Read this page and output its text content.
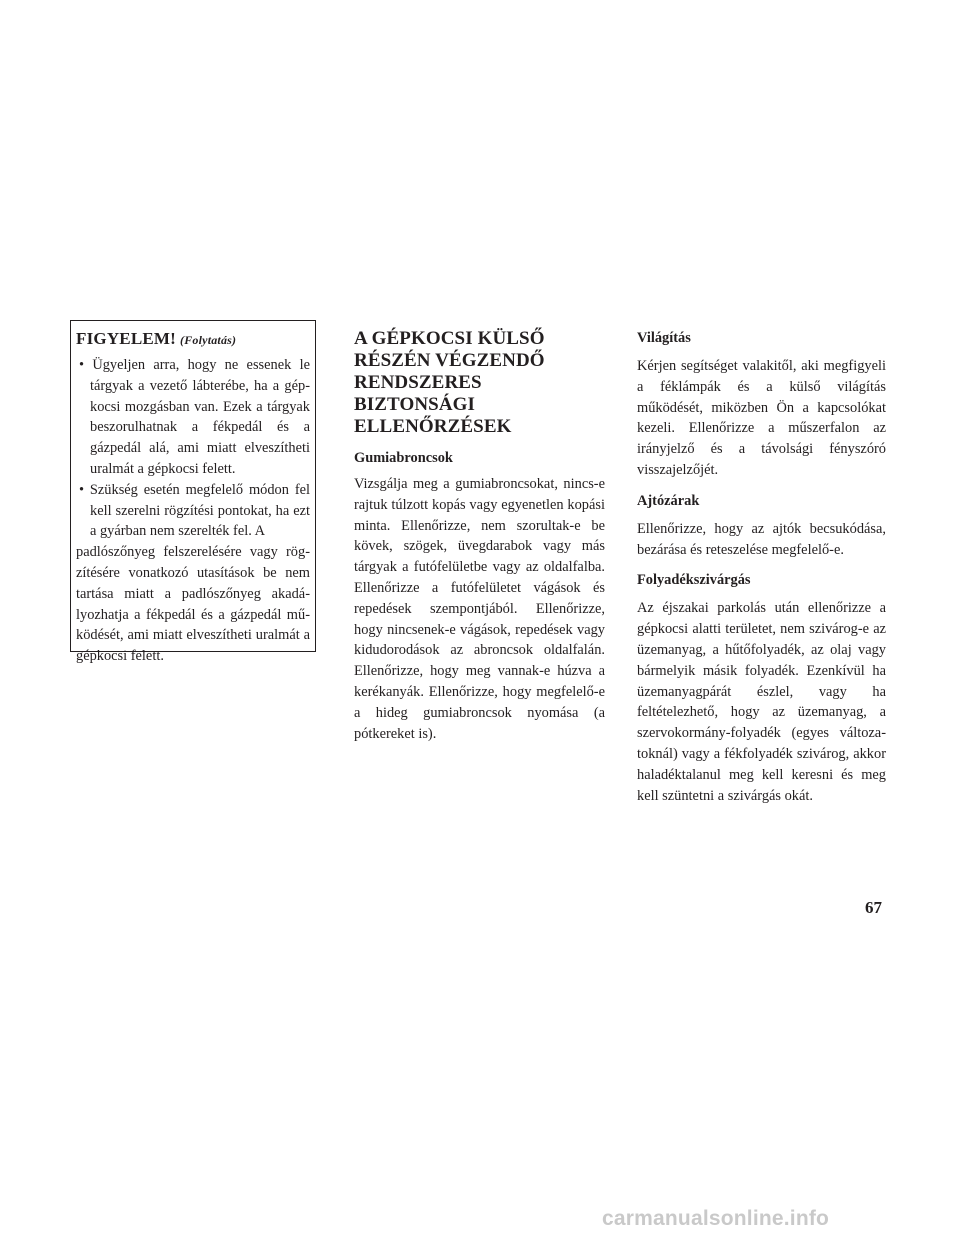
FIGYELEM! (Folytatás)

• Ügyeljen arra, hogy ne essenek le tárgyak a vezető lábterébe, ha a gépkocsi mozgásban van. Ezek a tárgyak beszorulhatnak a fékpedál és a gázpedál alá, ami miatt elveszítheti uralmát a gépkocsi felett.

• Szükség esetén megfelelő módon fel kell szerelni rögzítési pontokat, ha ezt a gyárban nem szerelték fel. A

padlószőnyeg felszerelésére vagy rögzítésére vonatkozó utasítások be nem tartása miatt a padlószőnyeg akadályozhatja a fékpedál és a gázpedál működését, ami miatt elveszítheti uralmát a gépkocsi felett.

A GÉPKOCSI KÜLSŐ
RÉSZÉN VÉGZENDŐ
RENDSZERES
BIZTONSÁGI
ELLENŐRZÉSEK
Gumiabroncsok

Vizsgálja meg a gumiabroncsokat, nincs-e rajtuk túlzott kopás vagy egyenetlen kopási minta. Ellenőrizze, nem szorultak-e be kövek, szögek, üvegdarabok vagy más tárgyak a futófelületbe vagy az oldalfalba. Ellenőrizze a futófelületet vágások és repedések szempontjából. Ellenőrizze, hogy nincsenek-e vágások, repedések vagy kidudorodások az abroncsok oldalfalán. Ellenőrizze, hogy meg vannak-e húzva a kerékanyák. Ellenőrizze, hogy megfelelő-e a hideg gumiabroncsok nyomása (a pótkereket is).

Világítás

Kérjen segítséget valakitől, aki megfigyeli a féklámpák és a külső világítás működését, miközben Ön a kapcsolókat kezeli. Ellenőrizze a műszerfalon az irányjelző és a távolsági fényszóró visszajelzőjét.

Ajtózárak

Ellenőrizze, hogy az ajtók becsukódása, bezárása és reteszelése megfelelő-e.

Folyadékszivárgás

Az éjszakai parkolás után ellenőrizze a gépkocsi alatti területet, nem szivárog-e az üzemanyag, a hűtőfolyadék, az olaj vagy bármelyik másik folyadék. Ezenkívül ha üzemanyagpárát észlel, vagy ha feltételezhető, hogy az üzemanyag, a szervokormány-folyadék (egyes változatoknál) vagy a fékfolyadék szivárog, akkor haladéktalanul meg kell keresni és meg kell szüntetni a szivárgás okát.

67
carmanualsonline.info
